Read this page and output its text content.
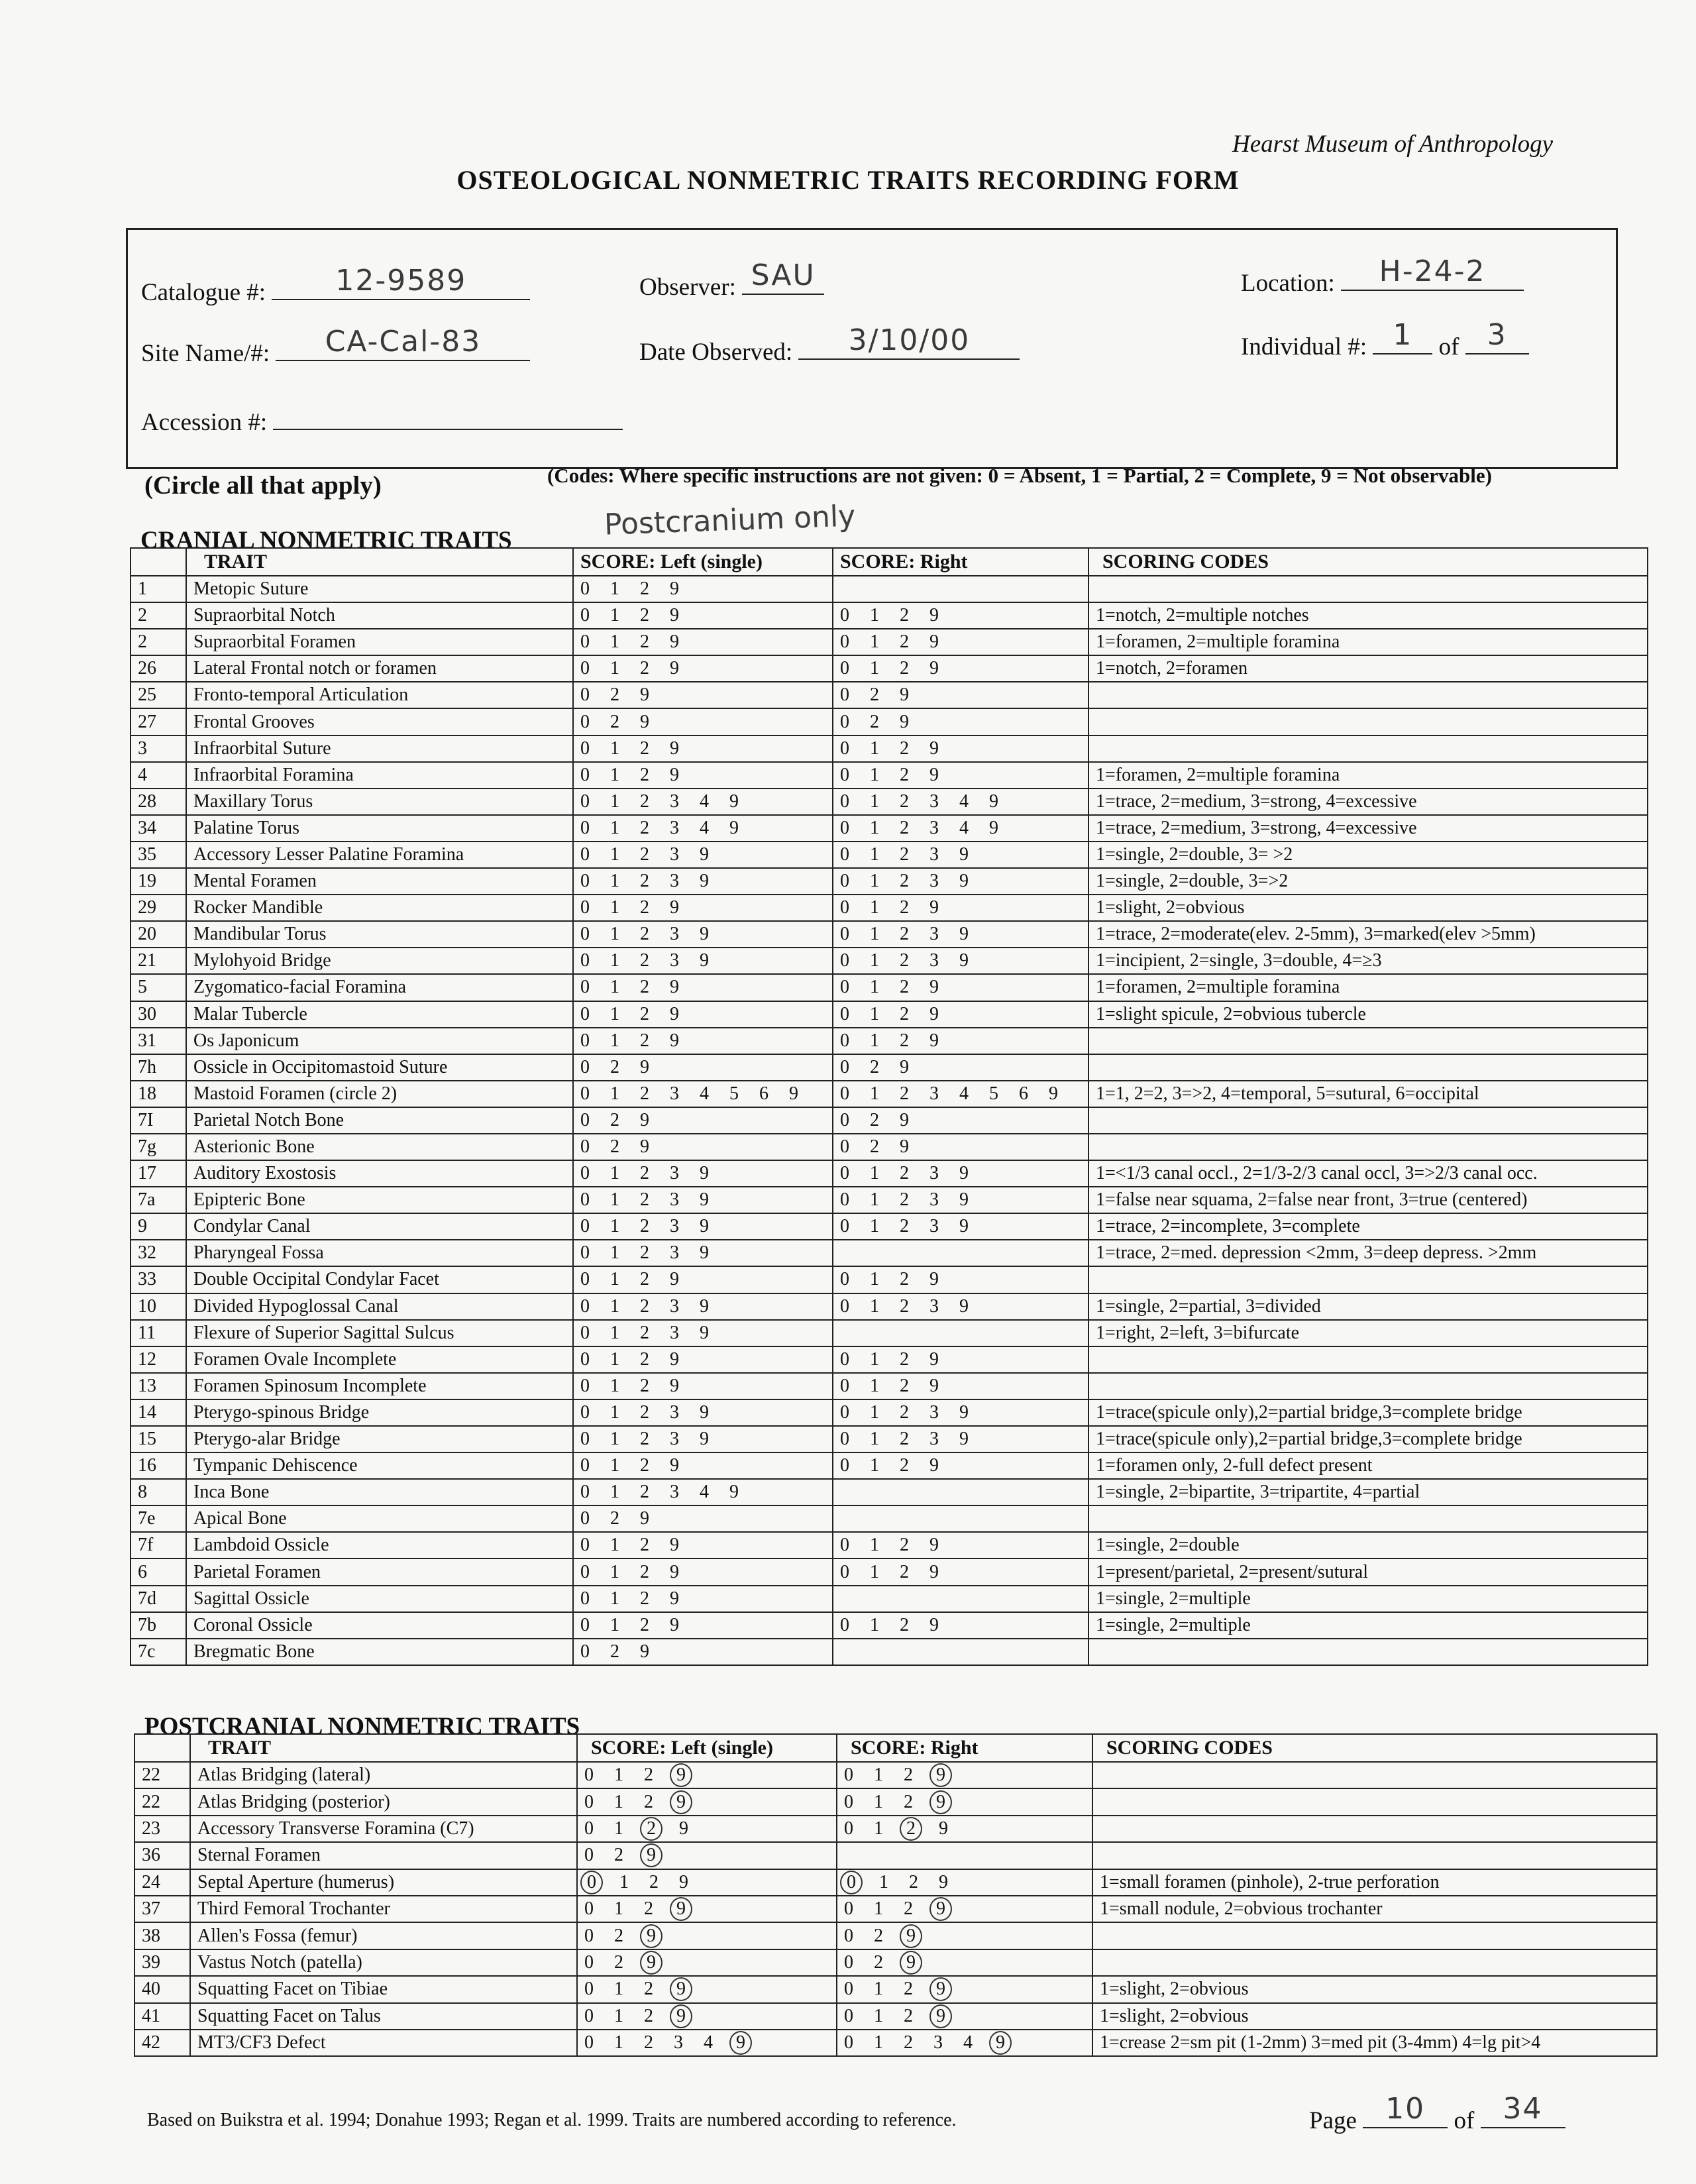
Hearst Museum of Anthropology
OSTEOLOGICAL NONMETRIC TRAITS RECORDING FORM
Catalogue #:	12-9589	Observer: SAU	Location:	H-24-2
Site Name/#:	CA-Cal-83	Date Observed:	3/10/00	Individual #: 1	of 3
Accession #:
(Circle all that apply)	(Codes: Where specific instructions are not given: 0 = Absent, 1 = Partial, 2 = Complete, 9 = Not observable)
CRANIAL NONMETRIC TRAITS	Postcranium only
	TRAIT	SCORE: Left (single)	SCORE: Right	SCORING CODES
1	Metopic Suture	0 1 2 9		
2	Supraorbital Notch	0 1 2 9	0 1 2 9	1=notch, 2=multiple notches
2	Supraorbital Foramen	0 1 2 9	0 1 2 9	1=foramen, 2=multiple foramina
26	Lateral Frontal notch or foramen	0 1 2 9	0 1 2 9	1=notch, 2=foramen
25	Fronto-temporal Articulation	0 2 9	0 2 9	
27	Frontal Grooves	0 2 9	0 2 9	
3	Infraorbital Suture	0 1 2 9	0 1 2 9	
4	Infraorbital Foramina	0 1 2 9	0 1 2 9	1=foramen, 2=multiple foramina
28	Maxillary Torus	0 1 2 3 4 9	0 1 2 3 4 9	1=trace, 2=medium, 3=strong, 4=excessive
34	Palatine Torus	0 1 2 3 4 9	0 1 2 3 4 9	1=trace, 2=medium, 3=strong, 4=excessive
35	Accessory Lesser Palatine Foramina	0 1 2 3 9	0 1 2 3 9	1=single, 2=double, 3= >2
19	Mental Foramen	0 1 2 3 9	0 1 2 3 9	1=single, 2=double, 3=>2
29	Rocker Mandible	0 1 2 9	0 1 2 9	1=slight, 2=obvious
20	Mandibular Torus	0 1 2 3 9	0 1 2 3 9	1=trace, 2=moderate(elev. 2-5mm), 3=marked(elev >5mm)
21	Mylohyoid Bridge	0 1 2 3 9	0 1 2 3 9	1=incipient, 2=single, 3=double, 4=≥3
5	Zygomatico-facial Foramina	0 1 2 9	0 1 2 9	1=foramen, 2=multiple foramina
30	Malar Tubercle	0 1 2 9	0 1 2 9	1=slight spicule, 2=obvious tubercle
31	Os Japonicum	0 1 2 9	0 1 2 9	
7h	Ossicle in Occipitomastoid Suture	0 2 9	0 2 9	
18	Mastoid Foramen (circle 2)	0 1 2 3 4 5 6 9	0 1 2 3 4 5 6 9	1=1, 2=2, 3=>2, 4=temporal, 5=sutural, 6=occipital
7I	Parietal Notch Bone	0 2 9	0 2 9	
7g	Asterionic Bone	0 2 9	0 2 9	
17	Auditory Exostosis	0 1 2 3 9	0 1 2 3 9	1=<1/3 canal occl., 2=1/3-2/3 canal occl, 3=>2/3 canal occ.
7a	Epipteric Bone	0 1 2 3 9	0 1 2 3 9	1=false near squama, 2=false near front, 3=true (centered)
9	Condylar Canal	0 1 2 3 9	0 1 2 3 9	1=trace, 2=incomplete, 3=complete
32	Pharyngeal Fossa	0 1 2 3 9		1=trace, 2=med. depression <2mm, 3=deep depress. >2mm
33	Double Occipital Condylar Facet	0 1 2 9	0 1 2 9	
10	Divided Hypoglossal Canal	0 1 2 3 9	0 1 2 3 9	1=single, 2=partial, 3=divided
11	Flexure of Superior Sagittal Sulcus	0 1 2 3 9		1=right, 2=left, 3=bifurcate
12	Foramen Ovale Incomplete	0 1 2 9	0 1 2 9	
13	Foramen Spinosum Incomplete	0 1 2 9	0 1 2 9	
14	Pterygo-spinous Bridge	0 1 2 3 9	0 1 2 3 9	1=trace(spicule only),2=partial bridge,3=complete bridge
15	Pterygo-alar Bridge	0 1 2 3 9	0 1 2 3 9	1=trace(spicule only),2=partial bridge,3=complete bridge
16	Tympanic Dehiscence	0 1 2 9	0 1 2 9	1=foramen only, 2-full defect present
8	Inca Bone	0 1 2 3 4 9		1=single, 2=bipartite, 3=tripartite, 4=partial
7e	Apical Bone	0 2 9		
7f	Lambdoid Ossicle	0 1 2 9	0 1 2 9	1=single, 2=double
6	Parietal Foramen	0 1 2 9	0 1 2 9	1=present/parietal, 2=present/sutural
7d	Sagittal Ossicle	0 1 2 9		1=single, 2=multiple
7b	Coronal Ossicle	0 1 2 9	0 1 2 9	1=single, 2=multiple
7c	Bregmatic Bone	0 2 9		
POSTCRANIAL NONMETRIC TRAITS
	TRAIT	SCORE: Left (single)	SCORE: Right	SCORING CODES
22	Atlas Bridging (lateral)	0 1 2 9	0 1 2 9	
22	Atlas Bridging (posterior)	0 1 2 9	0 1 2 9	
23	Accessory Transverse Foramina (C7)	0 1 2 9	0 1 2 9	
36	Sternal Foramen	0 2 9		
24	Septal Aperture (humerus)	0 1 2 9	0 1 2 9	1=small foramen (pinhole), 2-true perforation
37	Third Femoral Trochanter	0 1 2 9	0 1 2 9	1=small nodule, 2=obvious trochanter
38	Allen's Fossa (femur)	0 2 9	0 2 9	
39	Vastus Notch (patella)	0 2 9	0 2 9	
40	Squatting Facet on Tibiae	0 1 2 9	0 1 2 9	1=slight, 2=obvious
41	Squatting Facet on Talus	0 1 2 9	0 1 2 9	1=slight, 2=obvious
42	MT3/CF3 Defect	0 1 2 3 4 9	0 1 2 3 4 9	1=crease 2=sm pit (1-2mm) 3=med pit (3-4mm) 4=lg pit>4
Based on Buikstra et al. 1994; Donahue 1993; Regan et al. 1999. Traits are numbered according to reference.	Page 10	of 34
